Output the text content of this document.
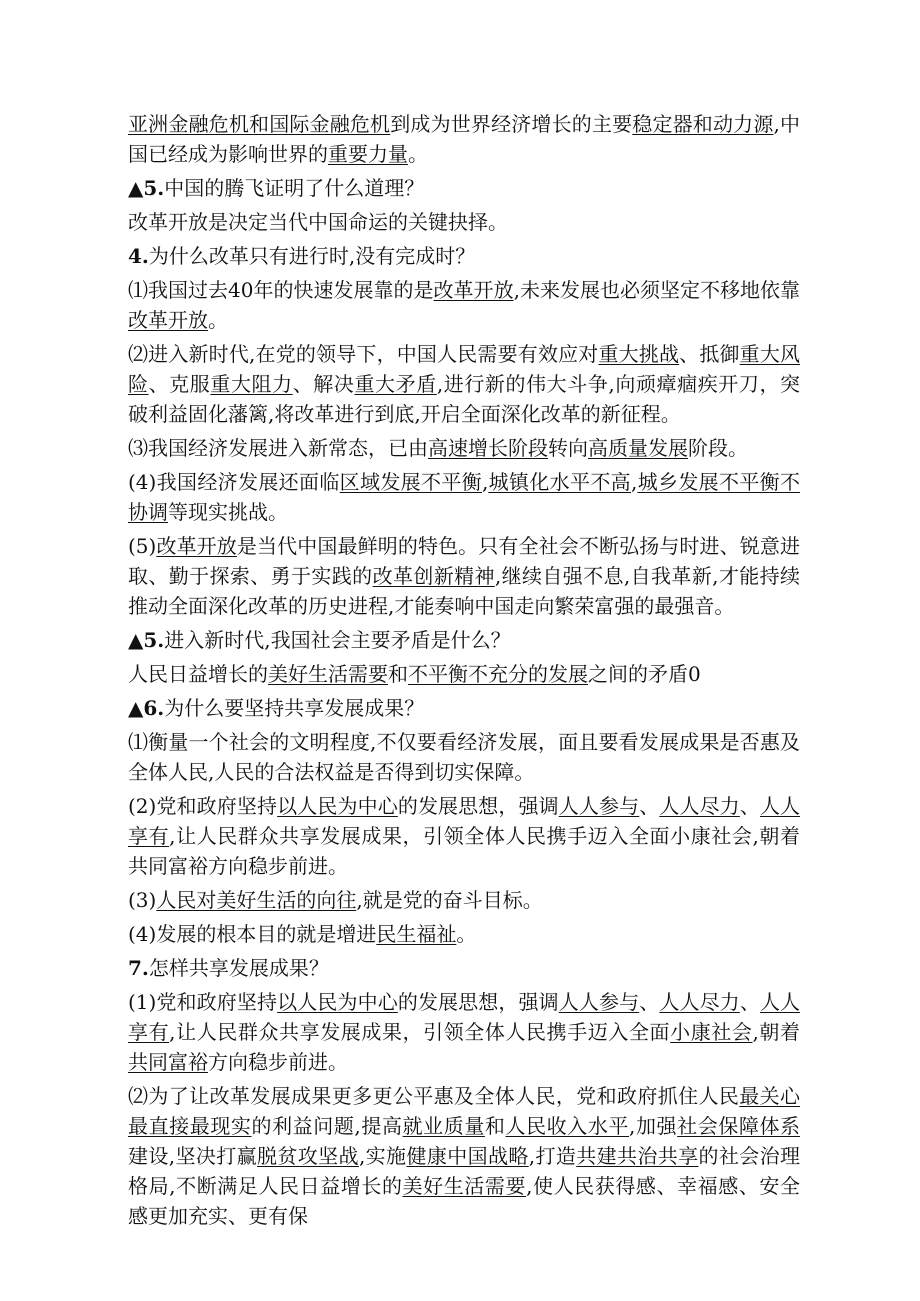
亚洲金融危机和国际金融危机到成为世界经济增长的主要稳定器和动力源,中国已经成为影响世界的重要力量。

▲5.中国的腾飞证明了什么道理？

改革开放是决定当代中国命运的关键抉择。

4.为什么改革只有进行时,没有完成时？

⑴我国过去40年的快速发展靠的是改革开放,未来发展也必须坚定不移地依靠改革开放。

⑵进入新时代,在党的领导下，中国人民需要有效应对重大挑战、抵御重大风险、克服重大阻力、解决重大矛盾,进行新的伟大斗争,向顽瘴痼疾开刀，突破利益固化藩篱,将改革进行到底,开启全面深化改革的新征程。

⑶我国经济发展进入新常态，已由高速增长阶段转向高质量发展阶段。

(4)我国经济发展还面临区域发展不平衡,城镇化水平不高,城乡发展不平衡不协调等现实挑战。

(5)改革开放是当代中国最鲜明的特色。只有全社会不断弘扬与时进、锐意进取、勤于探索、勇于实践的改革创新精神,继续自强不息,自我革新,才能持续推动全面深化改革的历史进程,才能奏响中国走向繁荣富强的最强音。

▲5.进入新时代,我国社会主要矛盾是什么？

人民日益增长的美好生活需要和不平衡不充分的发展之间的矛盾0

▲6.为什么要坚持共享发展成果？

⑴衡量一个社会的文明程度,不仅要看经济发展，面且要看发展成果是否惠及全体人民,人民的合法权益是否得到切实保障。

(2)党和政府坚持以人民为中心的发展思想，强调人人参与、人人尽力、人人享有,让人民群众共享发展成果，引领全体人民携手迈入全面小康社会,朝着共同富裕方向稳步前进。

(3)人民对美好生活的向往,就是党的奋斗目标。

(4)发展的根本目的就是增进民生福祉。

7.怎样共享发展成果？

(1)党和政府坚持以人民为中心的发展思想，强调人人参与、人人尽力、人人享有,让人民群众共享发展成果，引领全体人民携手迈入全面小康社会,朝着共同富裕方向稳步前进。

⑵为了让改革发展成果更多更公平惠及全体人民，党和政府抓住人民最关心最直接最现实的利益问题,提高就业质量和人民收入水平,加强社会保障体系建设,坚决打赢脱贫攻坚战,实施健康中国战略,打造共建共治共享的社会治理格局,不断满足人民日益增长的美好生活需要,使人民获得感、幸福感、安全感更加充实、更有保
